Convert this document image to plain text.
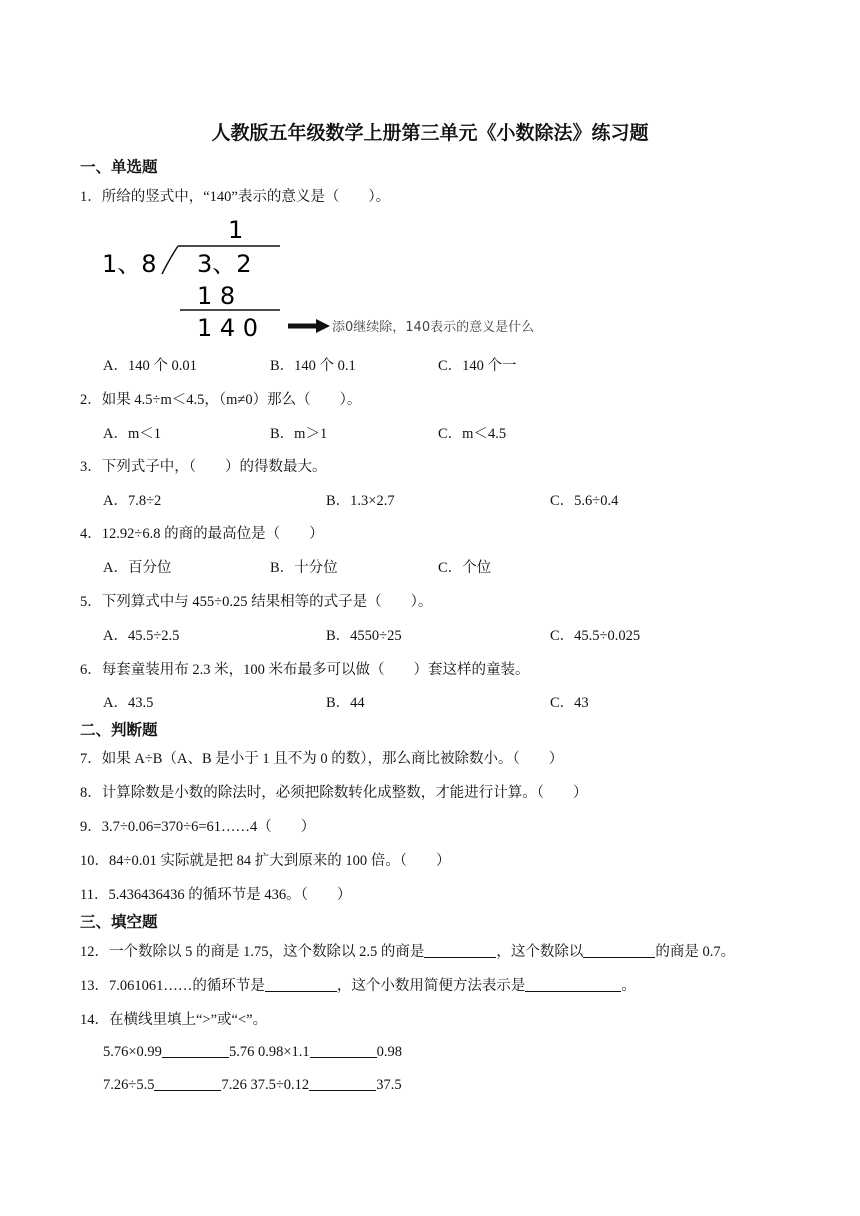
人教版五年级数学上册第三单元《小数除法》练习题
一、单选题
1．所给的竖式中，“140”表示的意义是（　　）。
1
1、8 3、2
1 8
1 4 0	添0继续除，140表示的意义是什么
A．140 个 0.01	B．140 个 0.1	C．140 个一
2．如果 4.5÷m＜4.5，（m≠0）那么（　　）。
A．m＜1	B．m＞1	C．m＜4.5
3．下列式子中，（　　）的得数最大。
A．7.8÷2	B．1.3×2.7	C．5.6÷0.4
4．12.92÷6.8 的商的最高位是（　　）
A．百分位	B．十分位	C．个位
5．下列算式中与 455÷0.25 结果相等的式子是（　　）。
A．45.5÷2.5	B．4550÷25	C．45.5÷0.025
6．每套童装用布 2.3 米，100 米布最多可以做（　　）套这样的童装。
A．43.5	B．44	C．43
二、判断题
7．如果 A÷B（A、B 是小于 1 且不为 0 的数），那么商比被除数小。（　　）
8．计算除数是小数的除法时，必须把除数转化成整数，才能进行计算。（　　）
9．3.7÷0.06=370÷6=61……4（　　）
10．84÷0.01 实际就是把 84 扩大到原来的 100 倍。（　　）
11．5.436436436 的循环节是 436。（　　）
三、填空题
12．一个数除以 5 的商是 1.75，这个数除以 2.5 的商是	，这个数除以	的商是 0.7。
13．7.061061……的循环节是	，这个小数用简便方法表示是	。
14．在横线里填上“>”或“<”。
5.76×0.99	5.76 0.98×1.1	0.98
7.26÷5.5	7.26 37.5÷0.12	37.5
